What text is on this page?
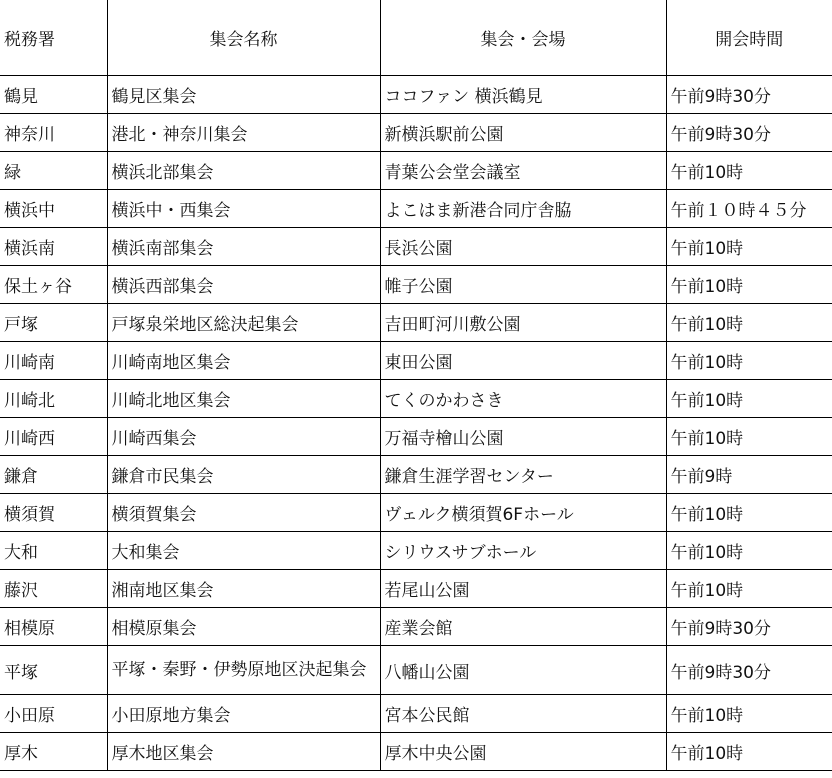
税務署	集会名称	集会・会場	開会時間
鶴見	鶴見区集会	ココファン 横浜鶴見	午前9時30分
神奈川	港北・神奈川集会	新横浜駅前公園	午前9時30分
緑	横浜北部集会	青葉公会堂会議室	午前10時
横浜中	横浜中・西集会	よこはま新港合同庁舎脇	午前１０時４５分
横浜南	横浜南部集会	長浜公園	午前10時
保土ヶ谷	横浜西部集会	帷子公園	午前10時
戸塚	戸塚泉栄地区総決起集会	吉田町河川敷公園	午前10時
川崎南	川崎南地区集会	東田公園	午前10時
川崎北	川崎北地区集会	てくのかわさき	午前10時
川崎西	川崎西集会	万福寺檜山公園	午前10時
鎌倉	鎌倉市民集会	鎌倉生涯学習センター	午前9時
横須賀	横須賀集会	ヴェルク横須賀6Fホール	午前10時
大和	大和集会	シリウスサブホール	午前10時
藤沢	湘南地区集会	若尾山公園	午前10時
相模原	相模原集会	産業会館	午前9時30分
平塚	平塚・秦野・伊勢原地区決起集会	八幡山公園	午前9時30分
小田原	小田原地方集会	宮本公民館	午前10時
厚木	厚木地区集会	厚木中央公園	午前10時
